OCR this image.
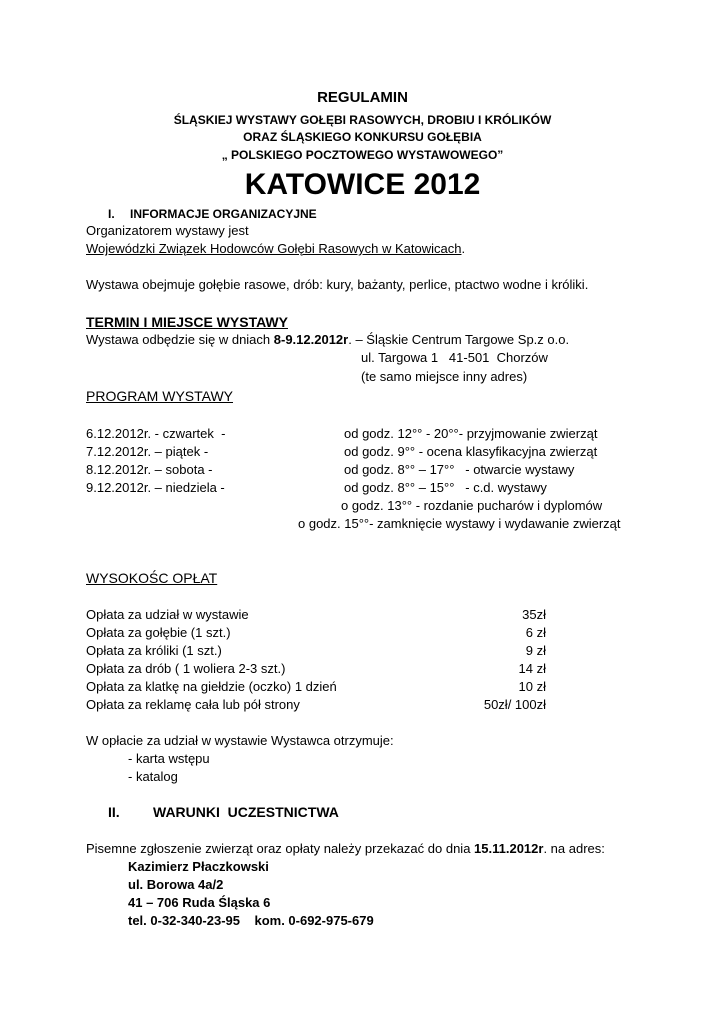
REGULAMIN
ŚLĄSKIEJ WYSTAWY GOŁĘBI RASOWYCH, DROBIU I KRÓLIKÓW
ORAZ ŚLĄSKIEGO KONKURSU GOŁĘBIA
„ POLSKIEGO POCZTOWEGO WYSTAWOWEGO”
KATOWICE 2012
I. INFORMACJE ORGANIZACYJNE
Organizatorem wystawy jest
Wojewódzki Związek Hodowców Gołębi Rasowych w Katowicach.
Wystawa obejmuje gołębie rasowe, drób: kury, bażanty, perlice, ptactwo wodne i króliki.
TERMIN I MIEJSCE WYSTAWY
Wystawa odbędzie się w dniach 8-9.12.2012r. – Śląskie Centrum Targowe Sp.z o.o.
ul. Targowa 1   41-501  Chorzów
(te samo miejsce inny adres)
PROGRAM WYSTAWY
6.12.2012r. - czwartek  -	od godz. 12°° - 20°°- przyjmowanie zwierząt
7.12.2012r. – piątek -	od godz. 9°° - ocena klasyfikacyjna zwierząt
8.12.2012r. – sobota -	od godz. 8°° – 17°°   - otwarcie wystawy
9.12.2012r. – niedziela -	od godz. 8°° – 15°°   - c.d. wystawy
o godz. 13°° - rozdanie pucharów i dyplomów
o godz. 15°°- zamknięcie wystawy i wydawanie zwierząt
WYSOKOŚC OPŁAT
Opłata za udział w wystawie	35zł
Opłata za gołębie (1 szt.)	6 zł
Opłata za króliki (1 szt.)	9 zł
Opłata za drób ( 1 woliera 2-3 szt.)	14 zł
Opłata za klatkę na giełdzie (oczko) 1 dzień	10 zł
Opłata za reklamę cała lub pół strony	50zł/ 100zł
W opłacie za udział w wystawie Wystawca otrzymuje:
- karta wstępu
- katalog
II. WARUNKI  UCZESTNICTWA
Pisemne zgłoszenie zwierząt oraz opłaty należy przekazać do dnia 15.11.2012r. na adres:
Kazimierz Płaczkowski
ul. Borowa 4a/2
41 – 706 Ruda Śląska 6
tel. 0-32-340-23-95    kom. 0-692-975-679
